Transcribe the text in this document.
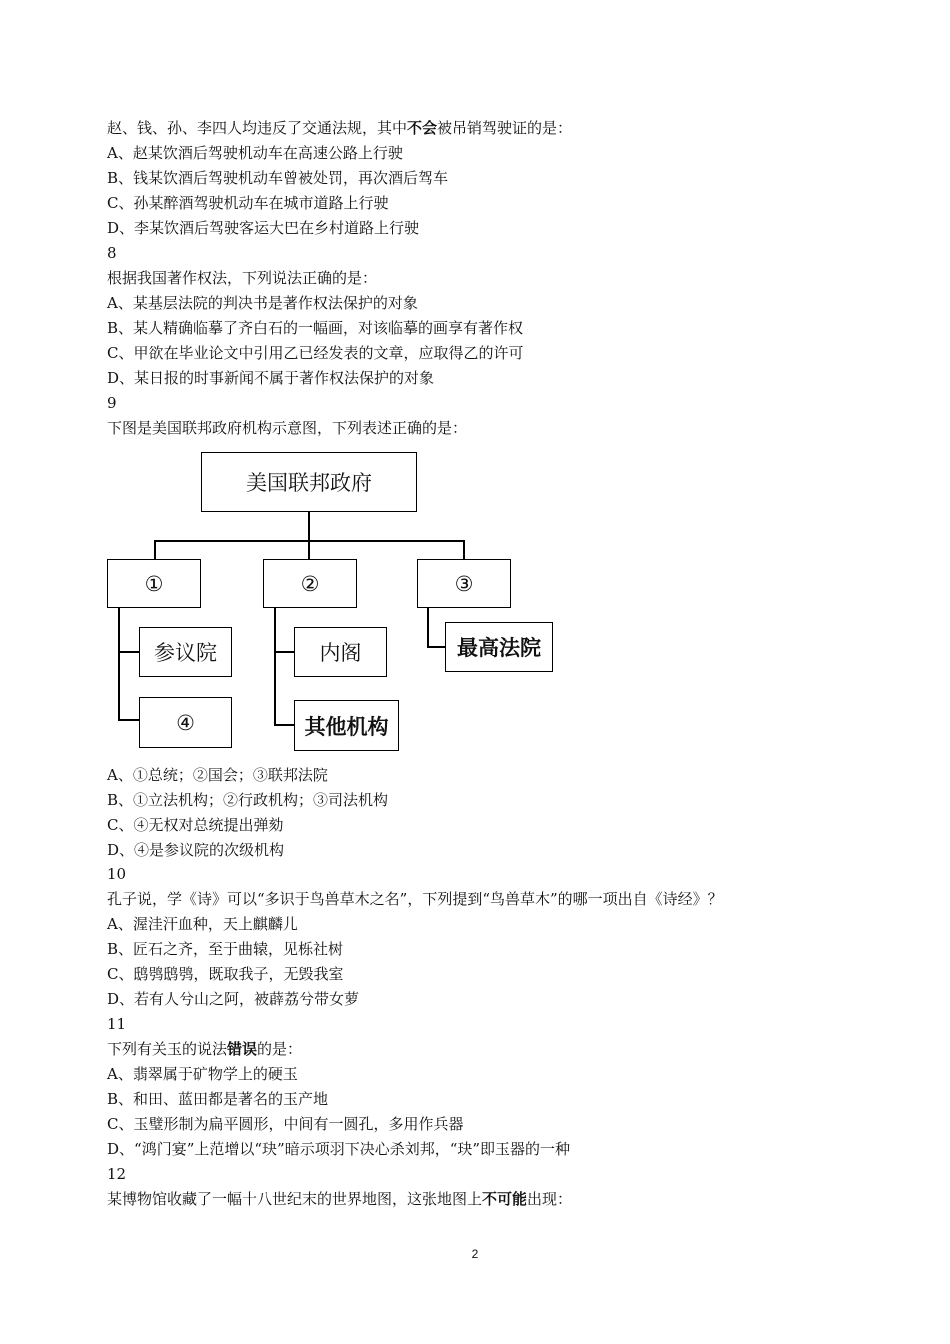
赵、钱、孙、李四人均违反了交通法规，其中不会被吊销驾驶证的是：
A、赵某饮酒后驾驶机动车在高速公路上行驶
B、钱某饮酒后驾驶机动车曾被处罚，再次酒后驾车
C、孙某醉酒驾驶机动车在城市道路上行驶
D、李某饮酒后驾驶客运大巴在乡村道路上行驶
8
根据我国著作权法，下列说法正确的是：
A、某基层法院的判决书是著作权法保护的对象
B、某人精确临摹了齐白石的一幅画，对该临摹的画享有著作权
C、甲欲在毕业论文中引用乙已经发表的文章，应取得乙的许可
D、某日报的时事新闻不属于著作权法保护的对象
9
下图是美国联邦政府机构示意图，下列表述正确的是：
美国联邦政府
①	②	③
参议院
④
内阁
其他机构
最高法院
A、①总统；②国会；③联邦法院
B、①立法机构；②行政机构；③司法机构
C、④无权对总统提出弹劾
D、④是参议院的次级机构
10
孔子说，学《诗》可以“多识于鸟兽草木之名”，下列提到“鸟兽草木”的哪一项出自《诗经》？
A、渥洼汗血种，天上麒麟儿
B、匠石之齐，至于曲辕，见栎社树
C、鸱鸮鸱鸮，既取我子，无毁我室
D、若有人兮山之阿，被薜荔兮带女萝
11
下列有关玉的说法错误的是：
A、翡翠属于矿物学上的硬玉
B、和田、蓝田都是著名的玉产地
C、玉璧形制为扁平圆形，中间有一圆孔，多用作兵器
D、“鸿门宴”上范增以“玦”暗示项羽下决心杀刘邦，“玦”即玉器的一种
12
某博物馆收藏了一幅十八世纪末的世界地图，这张地图上不可能出现：
2
